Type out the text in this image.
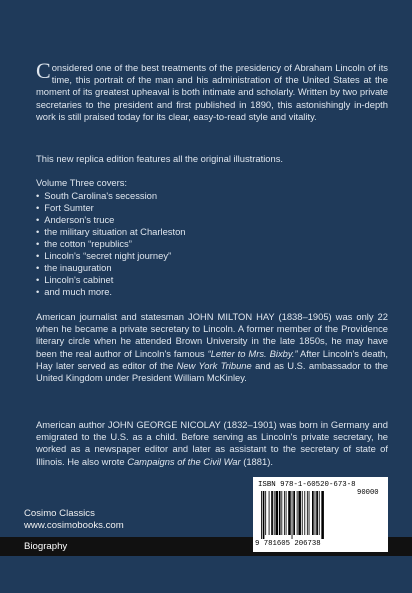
Considered one of the best treatments of the presidency of Abraham Lincoln of its time, this portrait of the man and his administration of the United States at the moment of its greatest upheaval is both intimate and scholarly. Written by two private secretaries to the president and first published in 1890, this astonishingly in-depth work is still praised today for its clear, easy-to-read style and vitality.

This new replica edition features all the original illustrations.

Volume Three covers:

• South Carolina's secession
• Fort Sumter
• Anderson's truce
• the military situation at Charleston
• the cotton “republics”
• Lincoln's “secret night journey”
• the inauguration
• Lincoln's cabinet
• and much more.

American journalist and statesman JOHN MILTON HAY (1838–1905) was only 22 when he became a private secretary to Lincoln. A former member of the Providence literary circle when he attended Brown University in the late 1850s, he may have been the real author of Lincoln's famous “Letter to Mrs. Bixby.” After Lincoln's death, Hay later served as editor of the New York Tribune and as U.S. ambassador to the United Kingdom under President William McKinley.

American author JOHN GEORGE NICOLAY (1832–1901) was born in Germany and emigrated to the U.S. as a child. Before serving as Lincoln's private secretary, he worked as a newspaper editor and later as assistant to the secretary of state of Illinois. He also wrote Campaigns of the Civil War (1881).

Cosimo Classics
www.cosimobooks.com
Biography
ISBN 978-1-60520-673-8
90000
9 781605 206738
